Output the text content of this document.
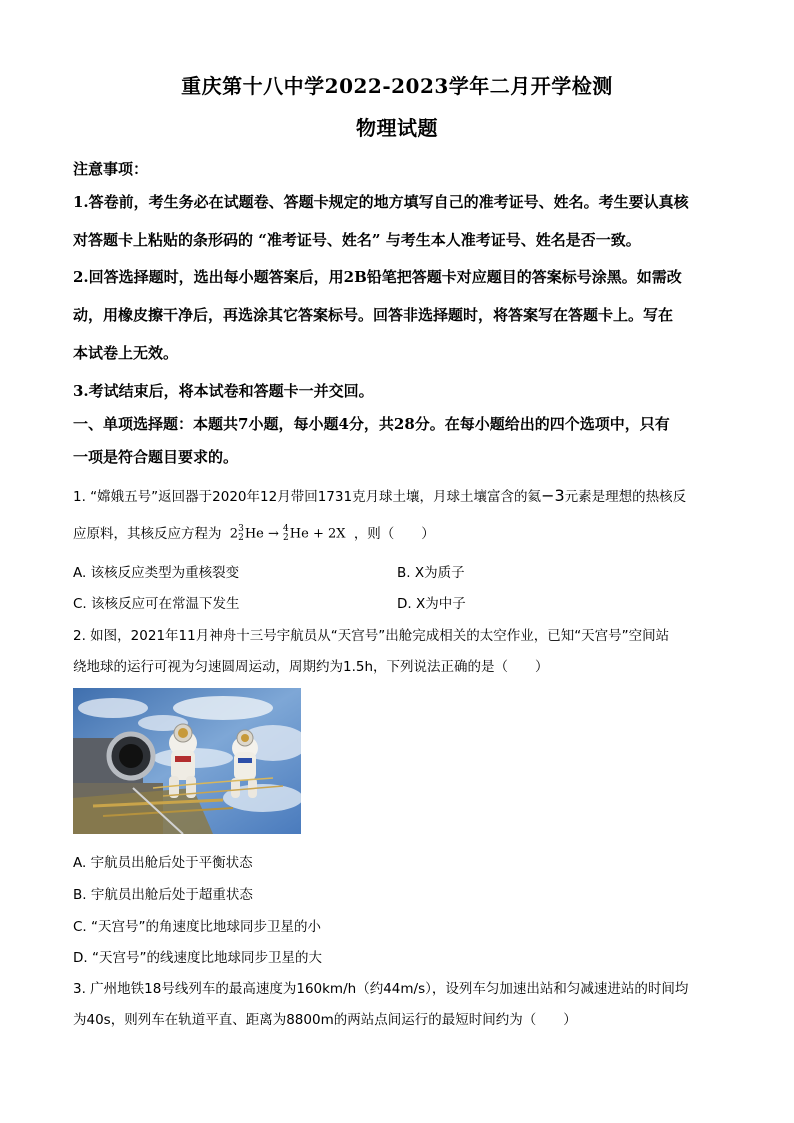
重庆第十八中学2022-2023学年二月开学检测
物理试题
注意事项：
1.答卷前，考生务必在试题卷、答题卡规定的地方填写自己的准考证号、姓名。考生要认真核
对答题卡上粘贴的条形码的 “准考证号、姓名” 与考生本人准考证号、姓名是否一致。
2.回答选择题时，选出每小题答案后，用2B铅笔把答题卡对应题目的答案标号涂黑。如需改
动，用橡皮擦干净后，再选涂其它答案标号。回答非选择题时，将答案写在答题卡上。写在
本试卷上无效。
3.考试结束后，将本试卷和答题卡一并交回。
一、单项选择题：本题共7小题，每小题4分，共28分。在每小题给出的四个选项中，只有
一项是符合题目要求的。
1. “嫦娥五号”返回器于2020年12月带回1731克月球土壤，月球土壤富含的氦−3元素是理想的热核反
应原料，其核反应方程为 2 3
2 He → 4
2 He + 2X ，则（　　）
A. 该核反应类型为重核裂变	B. X为质子
C. 该核反应可在常温下发生	D. X为中子
2. 如图，2021年11月神舟十三号宇航员从“天宫号”出舱完成相关的太空作业，已知“天宫号”空间站
绕地球的运行可视为匀速圆周运动，周期约为1.5h，下列说法正确的是（　　）
A. 宇航员出舱后处于平衡状态
B. 宇航员出舱后处于超重状态
C. “天宫号”的角速度比地球同步卫星的小
D. “天宫号”的线速度比地球同步卫星的大
3. 广州地铁18号线列车的最高速度为160km/h（约44m/s），设列车匀加速出站和匀减速进站的时间均
为40s，则列车在轨道平直、距离为8800m的两站点间运行的最短时间约为（　　）
